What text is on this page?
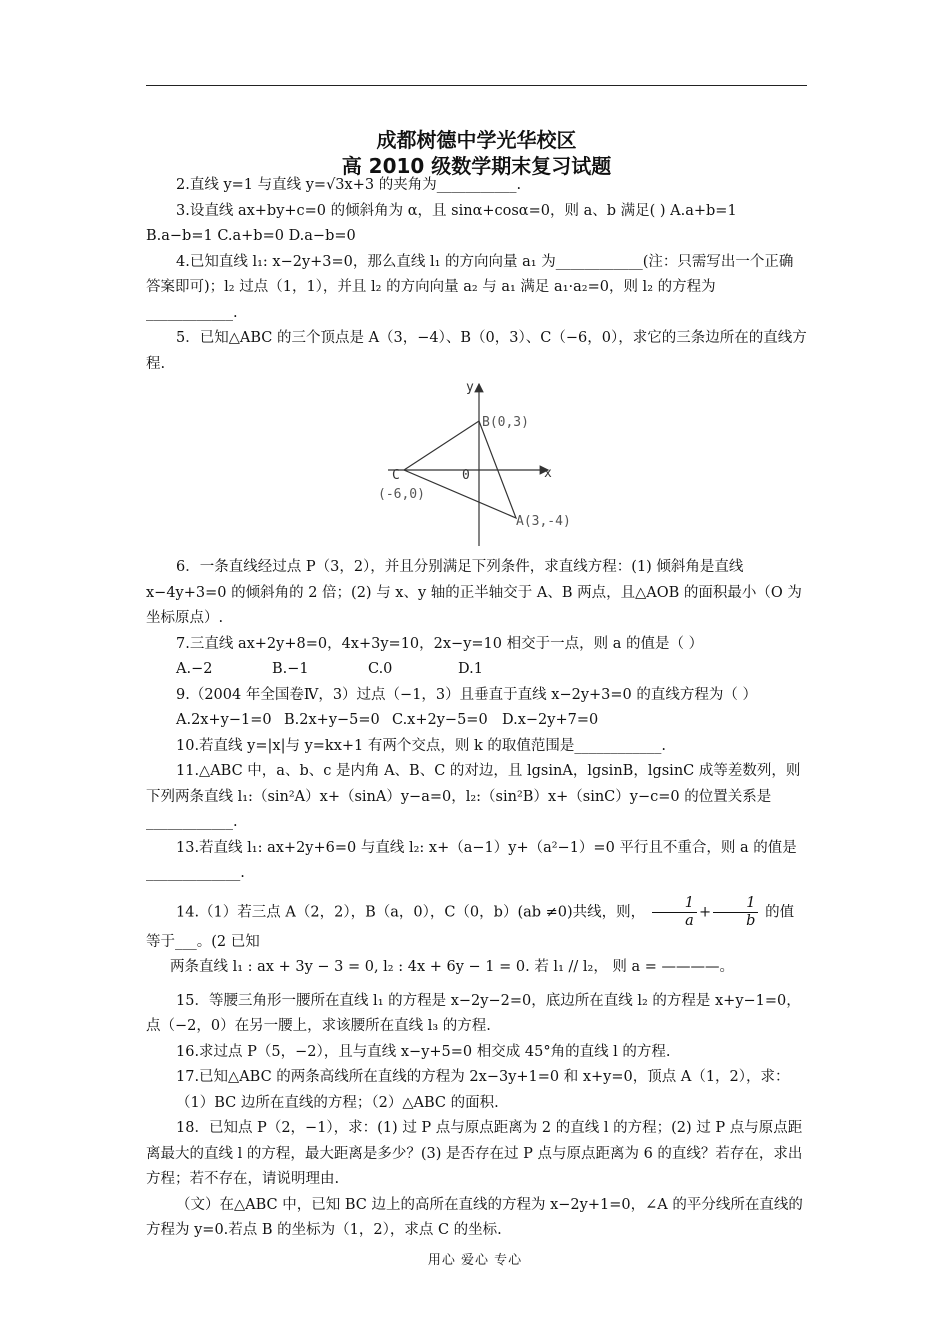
成都树德中学光华校区
高 2010 级数学期末复习试题

2.直线 y=1 与直线 y=√3x+3 的夹角为___________.

3.设直线 ax+by+c=0 的倾斜角为 α，且 sinα+cosα=0，则 a、b 满足( ) A.a+b=1 B.a−b=1 C.a+b=0 D.a−b=0

4.已知直线 l₁: x−2y+3=0，那么直线 l₁ 的方向向量 a₁ 为____________(注：只需写出一个正确答案即可)；l₂ 过点（1，1），并且 l₂ 的方向向量 a₂ 与 a₁ 满足 a₁·a₂=0，则 l₂ 的方程为____________.

5．已知△ABC 的三个顶点是 A（3，−4）、B（0，3）、C（−6，0），求它的三条边所在的直线方程.

y
x
0
B(0,3)
C
(-6,0)
A(3,-4)

6．一条直线经过点 P（3，2），并且分别满足下列条件，求直线方程：(1) 倾斜角是直线 x−4y+3=0 的倾斜角的 2 倍；(2) 与 x、y 轴的正半轴交于 A、B 两点，且△AOB 的面积最小（O 为坐标原点）.

7.三直线 ax+2y+8=0，4x+3y=10，2x−y=10 相交于一点，则 a 的值是（ ）

A.−2	B.−1	C.0	D.1

9.（2004 年全国卷Ⅳ，3）过点（−1，3）且垂直于直线 x−2y+3=0 的直线方程为（ ）

A.2x+y−1=0 B.2x+y−5=0 C.x+2y−5=0 D.x−2y+7=0

10.若直线 y=|x|与 y=kx+1 有两个交点，则 k 的取值范围是____________.

11.△ABC 中，a、b、c 是内角 A、B、C 的对边，且 lgsinA，lgsinB，lgsinC 成等差数列，则下列两条直线 l₁:（sin²A）x+（sinA）y−a=0，l₂:（sin²B）x+（sinC）y−c=0 的位置关系是____________.

13.若直线 l₁: ax+2y+6=0 与直线 l₂: x+（a−1）y+（a²−1）=0 平行且不重合，则 a 的值是_____________.

14.（1）若三点 A（2，2），B（a，0），C（0，b）(ab ≠0)共线，则， $\frac{1}{a} + \frac{1}{b}$ 的值等于___。(2 已知

两条直线 l₁ : ax + 3y − 3 = 0, l₂ : 4x + 6y − 1 = 0. 若 l₁ // l₂， 则 a = ————。

15．等腰三角形一腰所在直线 l₁ 的方程是 x−2y−2=0，底边所在直线 l₂ 的方程是 x+y−1=0，点（−2，0）在另一腰上，求该腰所在直线 l₃ 的方程.

16.求过点 P（5，−2），且与直线 x−y+5=0 相交成 45°角的直线 l 的方程.

17.已知△ABC 的两条高线所在直线的方程为 2x−3y+1=0 和 x+y=0，顶点 A（1，2），求：

（1）BC 边所在直线的方程；（2）△ABC 的面积.

18．已知点 P（2，−1），求：(1) 过 P 点与原点距离为 2 的直线 l 的方程；(2) 过 P 点与原点距离最大的直线 l 的方程，最大距离是多少？(3) 是否存在过 P 点与原点距离为 6 的直线？若存在，求出方程；若不存在，请说明理由.

（文）在△ABC 中，已知 BC 边上的高所在直线的方程为 x−2y+1=0，∠A 的平分线所在直线的方程为 y=0.若点 B 的坐标为（1，2），求点 C 的坐标.

用心 爱心 专心
